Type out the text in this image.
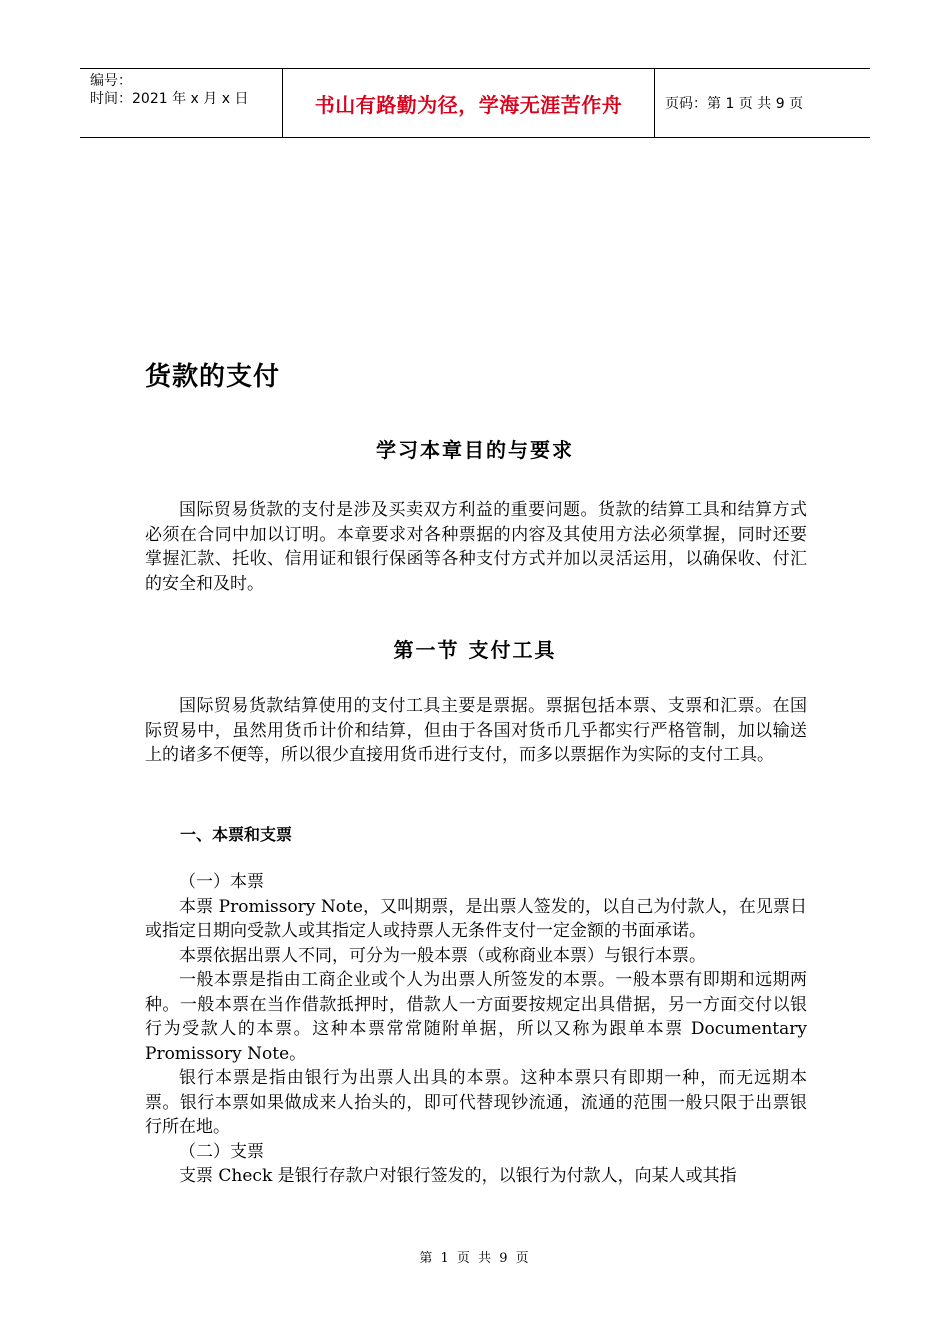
编号：
时间：2021 年 x 月 x 日	书山有路勤为径，学海无涯苦作舟	页码：第 1 页 共 9 页
货款的支付
学习本章目的与要求
国际贸易货款的支付是涉及买卖双方利益的重要问题。货款的结算工具和结算方式必须在合同中加以订明。本章要求对各种票据的内容及其使用方法必须掌握，同时还要掌握汇款、托收、信用证和银行保函等各种支付方式并加以灵活运用，以确保收、付汇的安全和及时。
第一节 支付工具
国际贸易货款结算使用的支付工具主要是票据。票据包括本票、支票和汇票。在国际贸易中，虽然用货币计价和结算，但由于各国对货币几乎都实行严格管制，加以输送上的诸多不便等，所以很少直接用货币进行支付，而多以票据作为实际的支付工具。
一、本票和支票

（一）本票

本票 Promissory Note，又叫期票，是出票人签发的，以自己为付款人，在见票日或指定日期向受款人或其指定人或持票人无条件支付一定金额的书面承诺。

本票依据出票人不同，可分为一般本票（或称商业本票）与银行本票。

一般本票是指由工商企业或个人为出票人所签发的本票。一般本票有即期和远期两种。一般本票在当作借款抵押时，借款人一方面要按规定出具借据，另一方面交付以银行为受款人的本票。这种本票常常随附单据，所以又称为跟单本票 Documentary Promissory Note。

银行本票是指由银行为出票人出具的本票。这种本票只有即期一种，而无远期本票。银行本票如果做成来人抬头的，即可代替现钞流通，流通的范围一般只限于出票银行所在地。

（二）支票

支票 Check 是银行存款户对银行签发的，以银行为付款人，向某人或其指

第 1 页 共 9 页
